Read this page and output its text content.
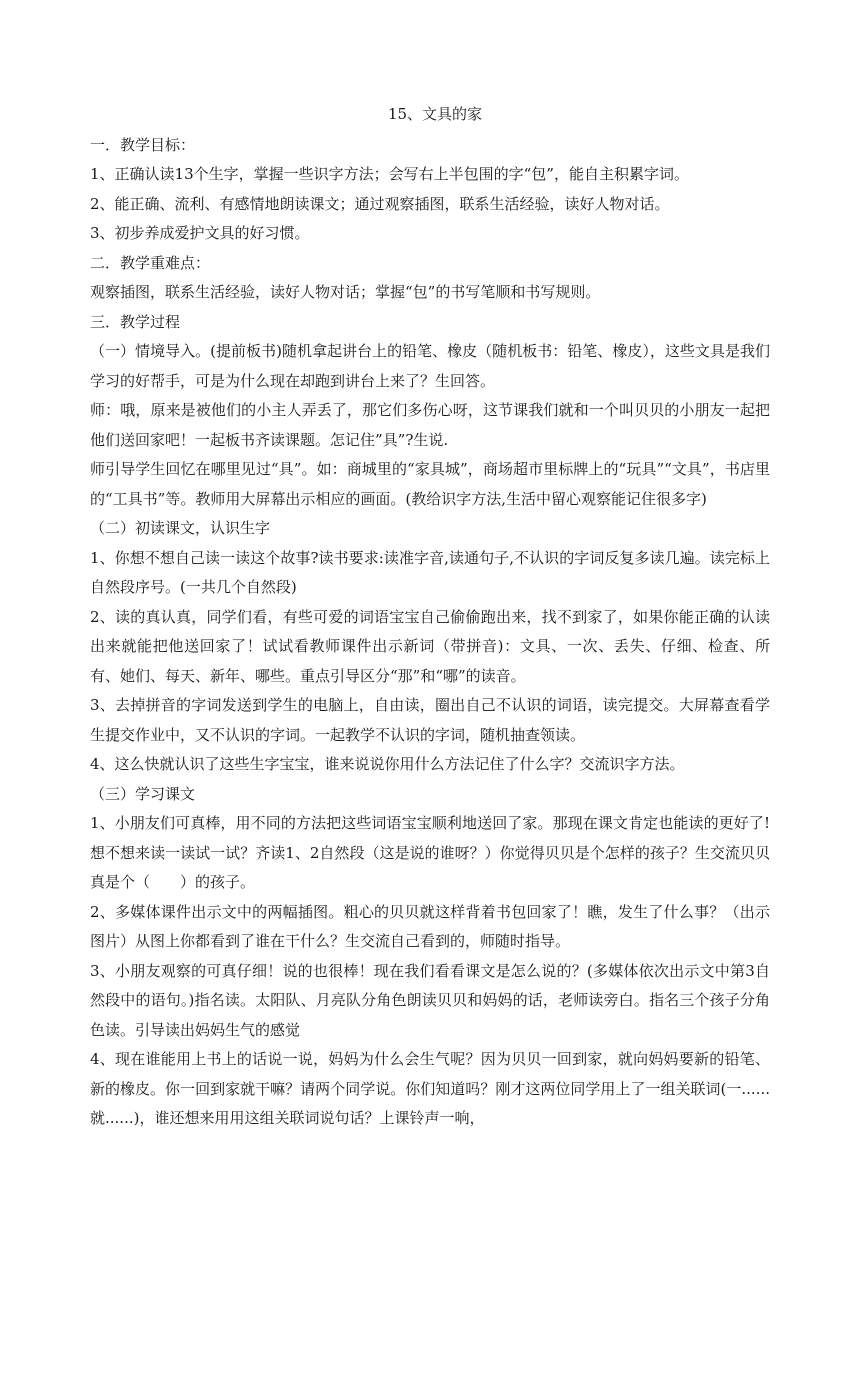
15、文具的家

一．教学目标：

1、正确认读13个生字，掌握一些识字方法；会写右上半包围的字“包”，能自主积累字词。

2、能正确、流利、有感情地朗读课文；通过观察插图，联系生活经验，读好人物对话。

3、初步养成爱护文具的好习惯。

二．教学重难点：

观察插图，联系生活经验，读好人物对话；掌握“包”的书写笔顺和书写规则。

三．教学过程

（一）情境导入。(提前板书)随机拿起讲台上的铅笔、橡皮（随机板书：铅笔、橡皮），这些文具是我们学习的好帮手，可是为什么现在却跑到讲台上来了？生回答。

师：哦，原来是被他们的小主人弄丢了，那它们多伤心呀，这节课我们就和一个叫贝贝的小朋友一起把他们送回家吧！一起板书齐读课题。怎记住”具”?生说.

师引导学生回忆在哪里见过“具”。如：商城里的“家具城”，商场超市里标牌上的“玩具”“文具”，书店里的“工具书”等。教师用大屏幕出示相应的画面。(教给识字方法,生活中留心观察能记住很多字)

（二）初读课文，认识生字

1、你想不想自己读一读这个故事?读书要求:读准字音,读通句子,不认识的字词反复多读几遍。读完标上自然段序号。(一共几个自然段)

2、读的真认真，同学们看，有些可爱的词语宝宝自己偷偷跑出来，找不到家了，如果你能正确的认读出来就能把他送回家了！试试看教师课件出示新词（带拼音)：文具、一次、丢失、仔细、检查、所有、她们、每天、新年、哪些。重点引导区分“那”和“哪”的读音。

3、去掉拼音的字词发送到学生的电脑上，自由读，圈出自己不认识的词语，读完提交。大屏幕查看学生提交作业中，又不认识的字词。一起教学不认识的字词，随机抽查领读。

4、这么快就认识了这些生字宝宝，谁来说说你用什么方法记住了什么字？交流识字方法。

（三）学习课文

1、小朋友们可真棒，用不同的方法把这些词语宝宝顺利地送回了家。那现在课文肯定也能读的更好了!想不想来读一读试一试？齐读1、2自然段（这是说的谁呀？）你觉得贝贝是个怎样的孩子？生交流贝贝真是个（　　）的孩子。

2、多媒体课件出示文中的两幅插图。粗心的贝贝就这样背着书包回家了！瞧，发生了什么事？（出示图片）从图上你都看到了谁在干什么？生交流自己看到的，师随时指导。

3、小朋友观察的可真仔细！说的也很棒！现在我们看看课文是怎么说的？(多媒体依次出示文中第3自然段中的语句。)指名读。太阳队、月亮队分角色朗读贝贝和妈妈的话，老师读旁白。指名三个孩子分角色读。引导读出妈妈生气的感觉

4、现在谁能用上书上的话说一说，妈妈为什么会生气呢？因为贝贝一回到家，就向妈妈要新的铅笔、新的橡皮。你一回到家就干嘛？请两个同学说。你们知道吗？刚才这两位同学用上了一组关联词(一......就......)，谁还想来用用这组关联词说句话？上课铃声一响，
